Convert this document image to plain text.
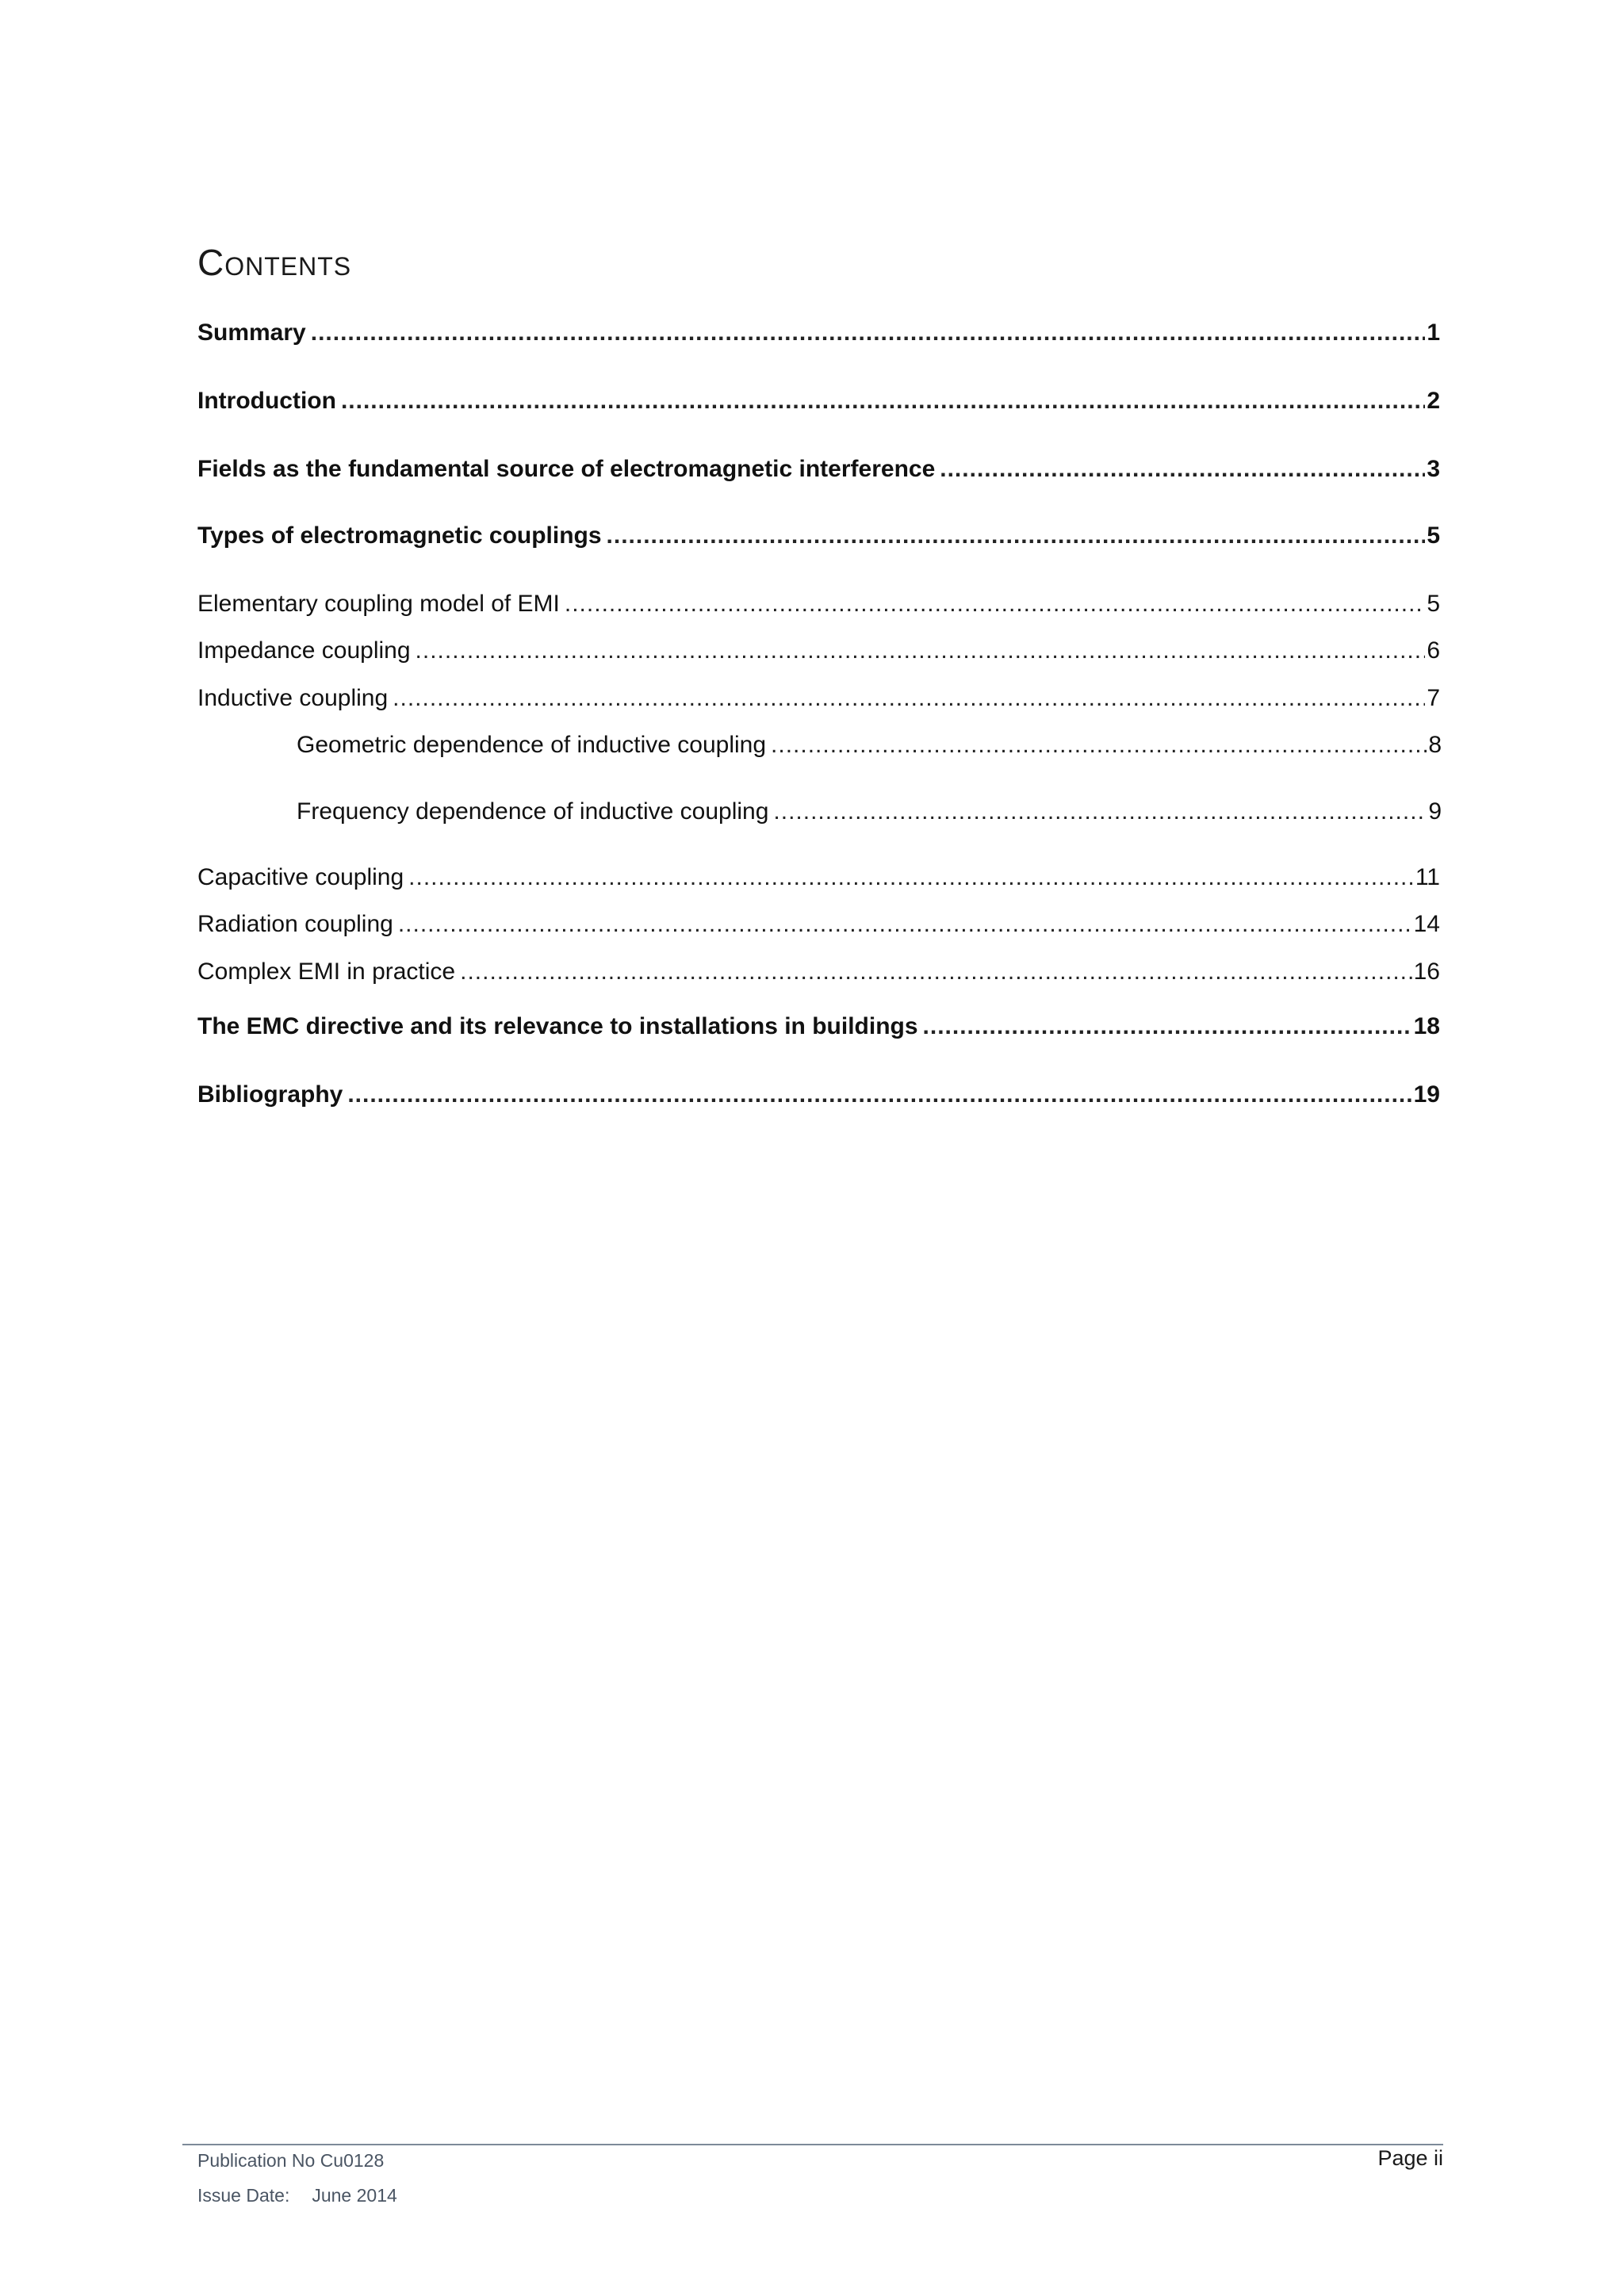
Contents
Summary .....	1
Introduction .....	2
Fields as the fundamental source of electromagnetic interference .....	3
Types of electromagnetic couplings .....	5
Elementary coupling model of EMI .....	5
Impedance coupling .....	6
Inductive coupling .....	7
Geometric dependence of inductive coupling .....	8
Frequency dependence of inductive coupling .....	9
Capacitive coupling .....	11
Radiation coupling .....	14
Complex EMI in practice .....	16
The EMC directive and its relevance to installations in buildings .....	18
Bibliography .....	19
Publication No Cu0128
Issue Date: June 2014
Page ii
